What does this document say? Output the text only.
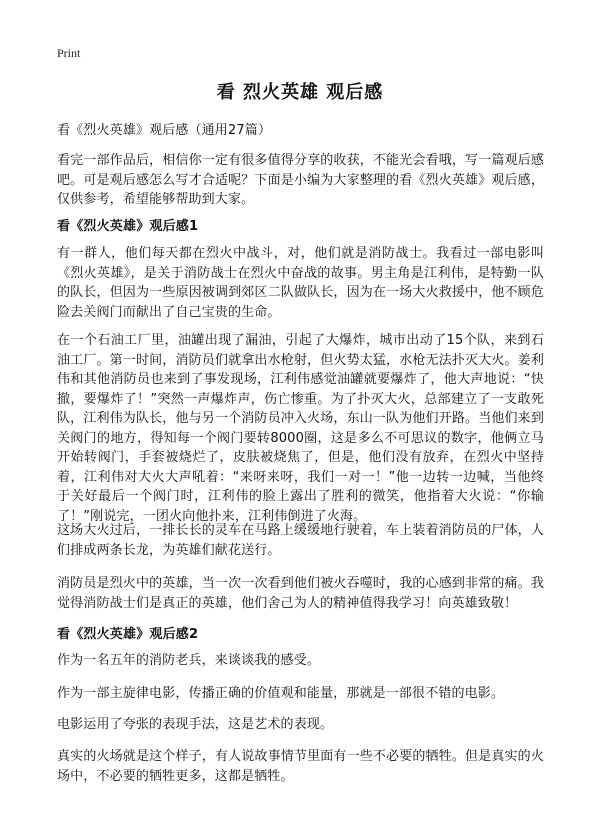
Print
看 烈火英雄 观后感

看《烈火英雄》观后感（通用27篇）

看完一部作品后，相信你一定有很多值得分享的收获，不能光会看哦，写一篇观后感吧。可是观后感怎么写才合适呢？下面是小编为大家整理的看《烈火英雄》观后感，仅供参考，希望能够帮助到大家。

看《烈火英雄》观后感1

有一群人，他们每天都在烈火中战斗，对，他们就是消防战士。我看过一部电影叫《烈火英雄》，是关于消防战士在烈火中奋战的故事。男主角是江利伟，是特勤一队的队长，但因为一些原因被调到郊区二队做队长，因为在一场大火救援中，他不顾危险去关阀门而献出了自己宝贵的生命。

在一个石油工厂里，油罐出现了漏油，引起了大爆炸，城市出动了15个队，来到石油工厂。第一时间，消防员们就拿出水枪射，但火势太猛，水枪无法扑灭大火。姜利伟和其他消防员也来到了事发现场，江利伟感觉油罐就要爆炸了，他大声地说：“快撤，要爆炸了！”突然一声爆炸声，伤亡惨重。为了扑灭大火，总部建立了一支敢死队，江利伟为队长，他与另一个消防员冲入火场，东山一队为他们开路。当他们来到关阀门的地方，得知每一个阀门要转8000圈，这是多么不可思议的数字，他俩立马开始转阀门，手套被烧烂了，皮肤被烧焦了，但是，他们没有放弃，在烈火中坚持着，江利伟对大火大声吼着：“来呀来呀，我们一对一！”他一边转一边喊，当他终于关好最后一个阀门时，江利伟的脸上露出了胜利的微笑，他指着大火说：“你输了！”刚说完，一团火向他扑来，江利伟倒进了火海。

这场大火过后，一排长长的灵车在马路上缓缓地行驶着，车上装着消防员的尸体，人们排成两条长龙，为英雄们献花送行。

消防员是烈火中的英雄，当一次一次看到他们被火吞噬时，我的心感到非常的痛。我觉得消防战士们是真正的英雄，他们舍己为人的精神值得我学习！向英雄致敬！

看《烈火英雄》观后感2

作为一名五年的消防老兵，来谈谈我的感受。

作为一部主旋律电影，传播正确的价值观和能量，那就是一部很不错的电影。

电影运用了夸张的表现手法，这是艺术的表现。

真实的火场就是这个样子，有人说故事情节里面有一些不必要的牺牲。但是真实的火场中，不必要的牺牲更多，这都是牺牲。
